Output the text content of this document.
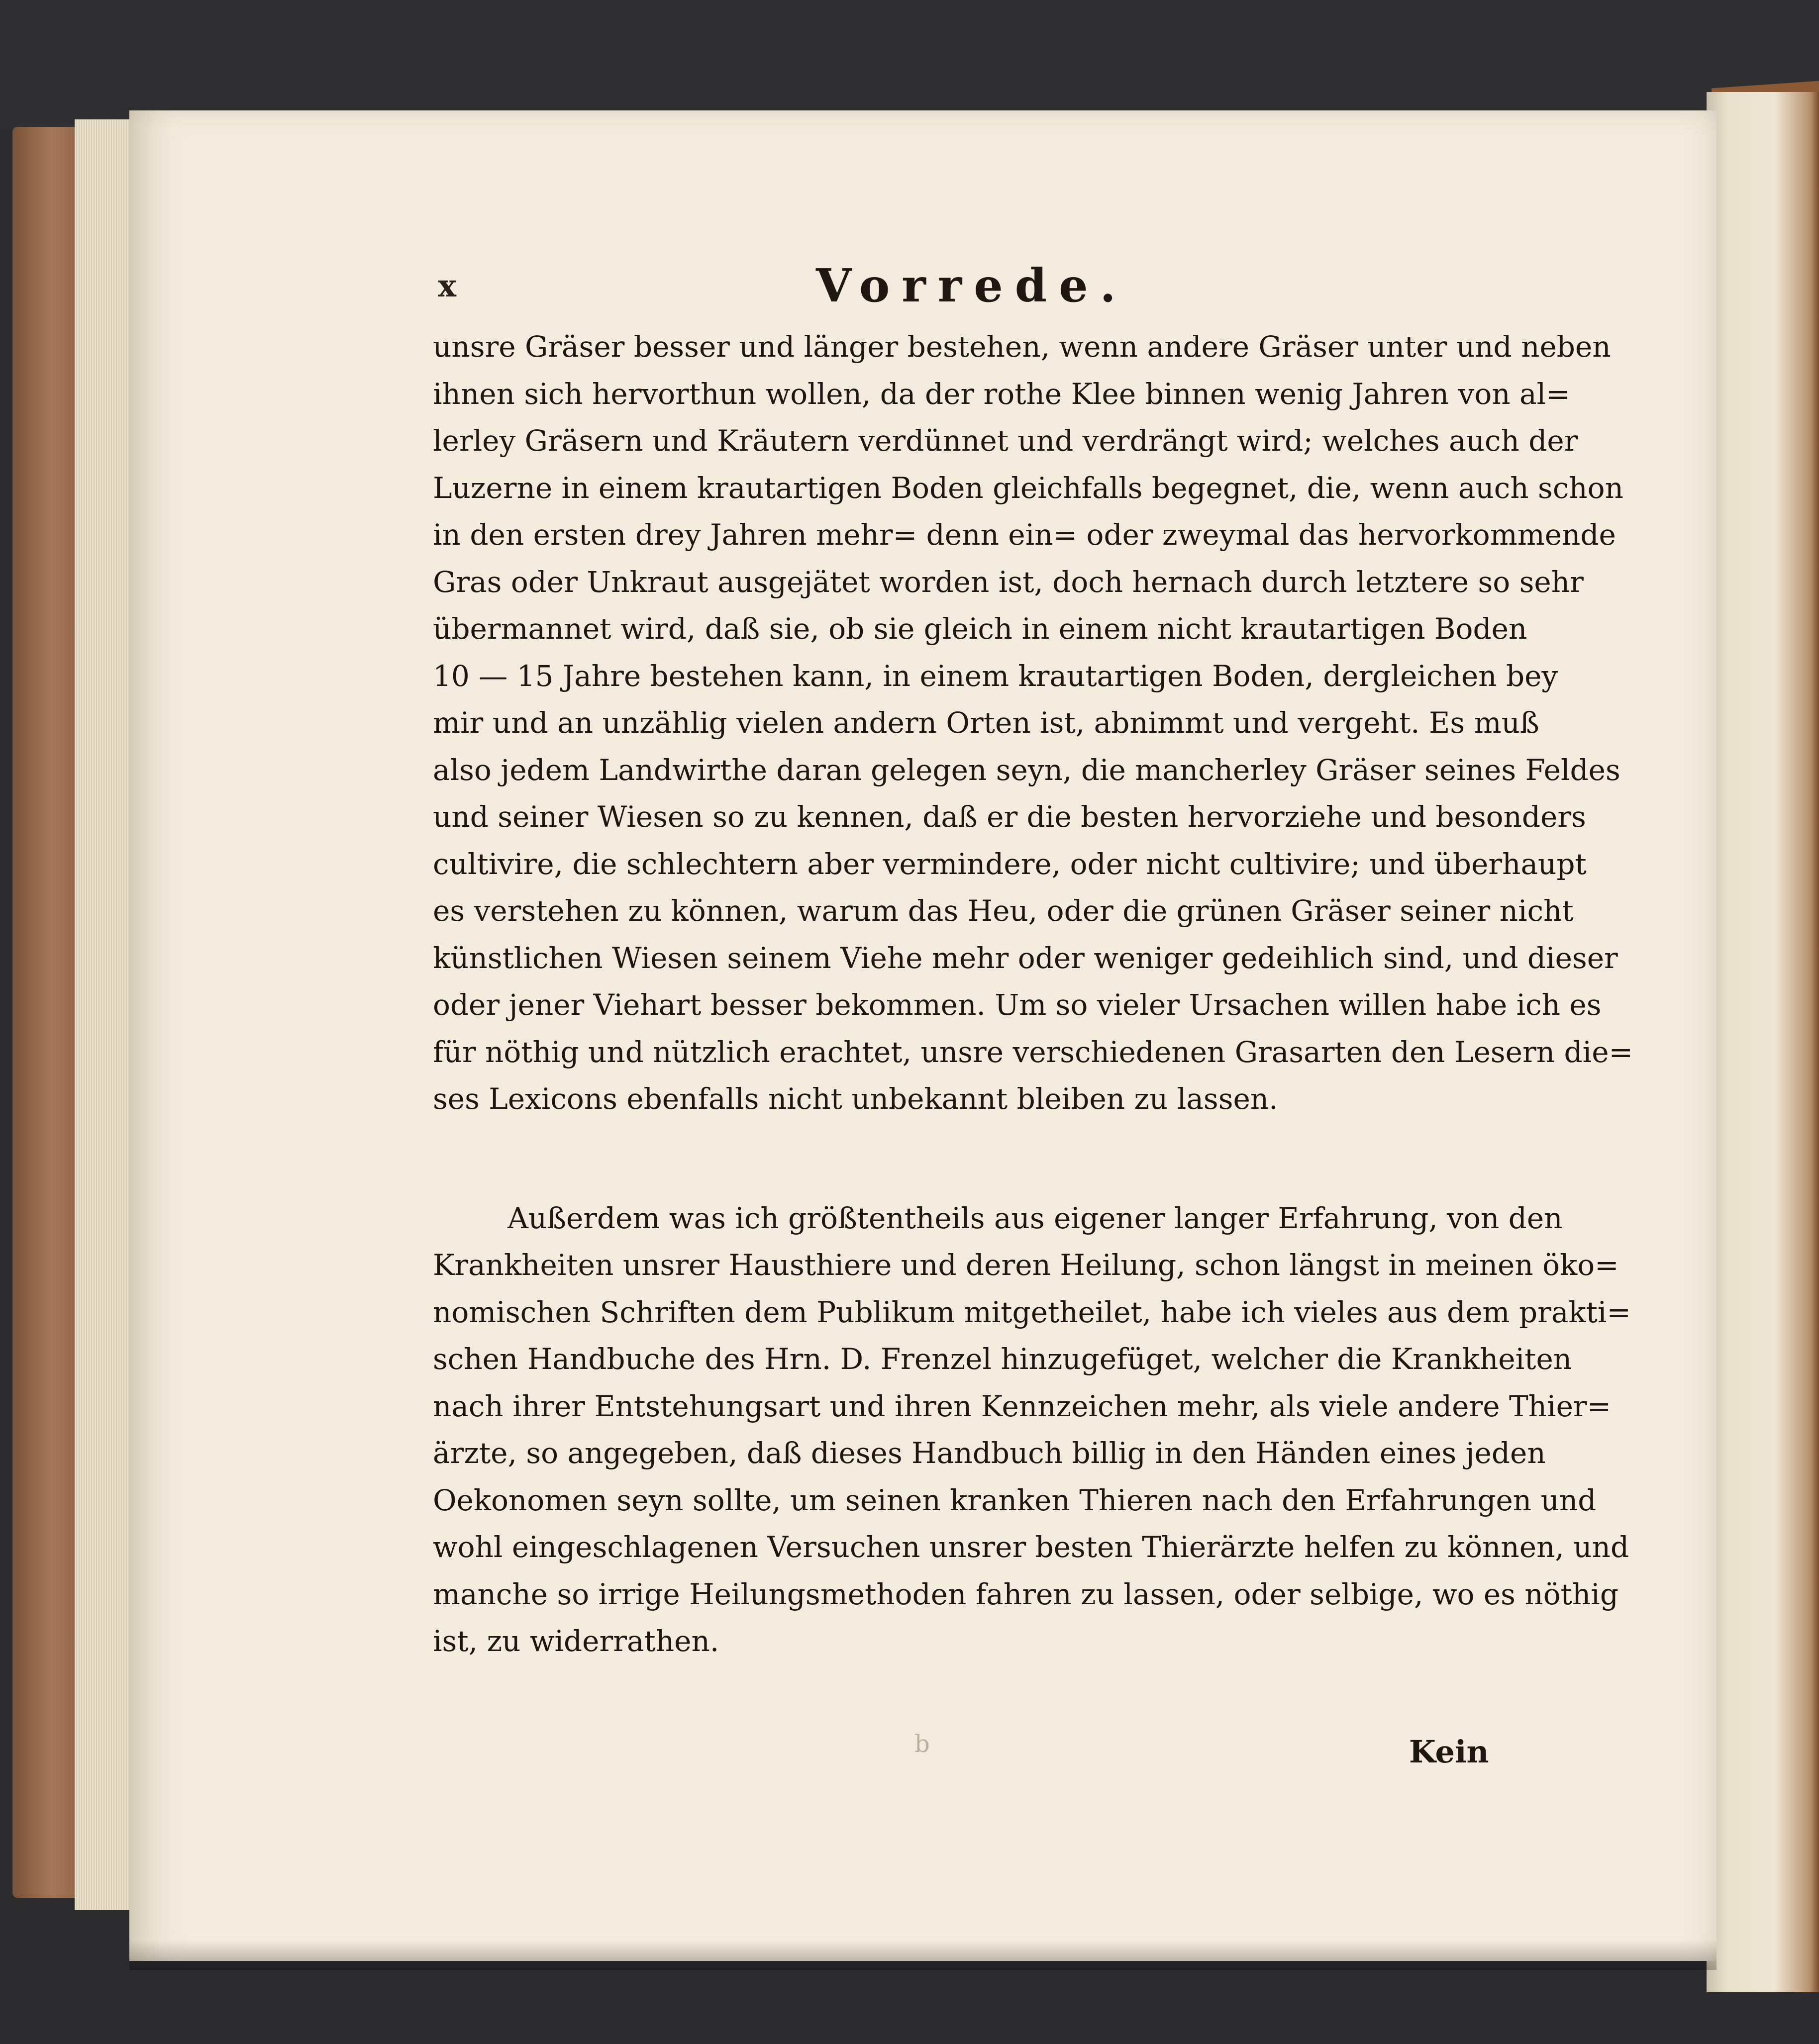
x	Vorrede.
unsre Gräser besser und länger bestehen, wenn andere Gräser unter und neben
ihnen sich hervorthun wollen, da der rothe Klee binnen wenig Jahren von al=
lerley Gräsern und Kräutern verdünnet und verdrängt wird; welches auch der
Luzerne in einem krautartigen Boden gleichfalls begegnet, die, wenn auch schon
in den ersten drey Jahren mehr= denn ein= oder zweymal das hervorkommende
Gras oder Unkraut ausgejätet worden ist, doch hernach durch letztere so sehr
übermannet wird, daß sie, ob sie gleich in einem nicht krautartigen Boden
10 — 15 Jahre bestehen kann, in einem krautartigen Boden, dergleichen bey
mir und an unzählig vielen andern Orten ist, abnimmt und vergeht. Es muß
also jedem Landwirthe daran gelegen seyn, die mancherley Gräser seines Feldes
und seiner Wiesen so zu kennen, daß er die besten hervorziehe und besonders
cultivire, die schlechtern aber vermindere, oder nicht cultivire; und überhaupt
es verstehen zu können, warum das Heu, oder die grünen Gräser seiner nicht
künstlichen Wiesen seinem Viehe mehr oder weniger gedeihlich sind, und dieser
oder jener Viehart besser bekommen. Um so vieler Ursachen willen habe ich es
für nöthig und nützlich erachtet, unsre verschiedenen Grasarten den Lesern die=
ses Lexicons ebenfalls nicht unbekannt bleiben zu lassen.
Außerdem was ich größtentheils aus eigener langer Erfahrung, von den
Krankheiten unsrer Hausthiere und deren Heilung, schon längst in meinen öko=
nomischen Schriften dem Publikum mitgetheilet, habe ich vieles aus dem prakti=
schen Handbuche des Hrn. D. Frenzel hinzugefüget, welcher die Krankheiten
nach ihrer Entstehungsart und ihren Kennzeichen mehr, als viele andere Thier=
ärzte, so angegeben, daß dieses Handbuch billig in den Händen eines jeden
Oekonomen seyn sollte, um seinen kranken Thieren nach den Erfahrungen und
wohl eingeschlagenen Versuchen unsrer besten Thierärzte helfen zu können, und
manche so irrige Heilungsmethoden fahren zu lassen, oder selbige, wo es nöthig
ist, zu widerrathen.
b	Kein
